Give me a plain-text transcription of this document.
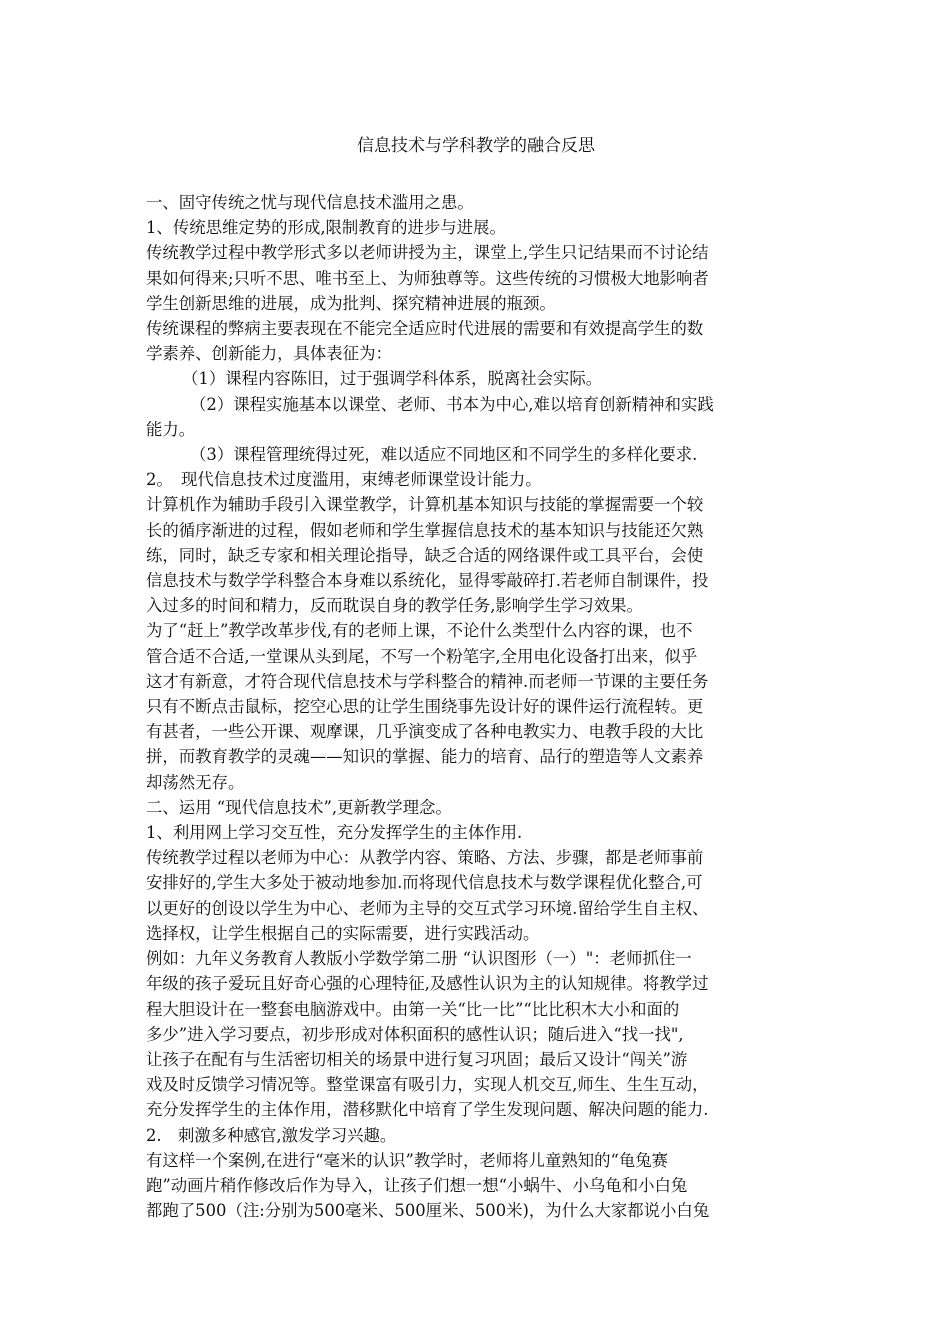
信息技术与学科教学的融合反思

一、固守传统之忧与现代信息技术滥用之患。

1、传统思维定势的形成,限制教育的进步与进展。

传统教学过程中教学形式多以老师讲授为主，课堂上,学生只记结果而不讨论结

果如何得来;只听不思、唯书至上、为师独尊等。这些传统的习惯极大地影响者

学生创新思维的进展，成为批判、探究精神进展的瓶颈。

传统课程的弊病主要表现在不能完全适应时代进展的需要和有效提高学生的数

学素养、创新能力，具体表征为：

（1）课程内容陈旧，过于强调学科体系，脱离社会实际。

（2）课程实施基本以课堂、老师、书本为中心,难以培育创新精神和实践

能力。

（3）课程管理统得过死，难以适应不同地区和不同学生的多样化要求.

2。　现代信息技术过度滥用，束缚老师课堂设计能力。

计算机作为辅助手段引入课堂教学，计算机基本知识与技能的掌握需要一个较

长的循序渐进的过程，假如老师和学生掌握信息技术的基本知识与技能还欠熟

练，同时，缺乏专家和相关理论指导，缺乏合适的网络课件或工具平台，会使

信息技术与数学学科整合本身难以系统化，显得零敲碎打.若老师自制课件，投

入过多的时间和精力，反而耽误自身的教学任务,影响学生学习效果。

为了“赶上”教学改革步伐,有的老师上课，不论什么类型什么内容的课，也不

管合适不合适,一堂课从头到尾，不写一个粉笔字,全用电化设备打出来，似乎

这才有新意，才符合现代信息技术与学科整合的精神.而老师一节课的主要任务

只有不断点击鼠标，挖空心思的让学生围绕事先设计好的课件运行流程转。更

有甚者，一些公开课、观摩课，几乎演变成了各种电教实力、电教手段的大比

拼，而教育教学的灵魂——知识的掌握、能力的培育、品行的塑造等人文素养

却荡然无存。

二、运用 “现代信息技术”,更新教学理念。

1、利用网上学习交互性，充分发挥学生的主体作用.

传统教学过程以老师为中心：从教学内容、策略、方法、步骤，都是老师事前

安排好的,学生大多处于被动地参加.而将现代信息技术与数学课程优化整合,可

以更好的创设以学生为中心、老师为主导的交互式学习环境.留给学生自主权、

选择权，让学生根据自己的实际需要，进行实践活动。

例如：九年义务教育人教版小学数学第二册 “认识图形（一）"：老师抓住一

年级的孩子爱玩且好奇心强的心理特征,及感性认识为主的认知规律。将教学过

程大胆设计在一整套电脑游戏中。由第一关“比一比”“比比积木大小和面的

多少”进入学习要点，初步形成对体积面积的感性认识；随后进入“找一找",

让孩子在配有与生活密切相关的场景中进行复习巩固；最后又设计“闯关”游

戏及时反馈学习情况等。整堂课富有吸引力，实现人机交互,师生、生生互动，

充分发挥学生的主体作用，潜移默化中培育了学生发现问题、解决问题的能力.

2.　刺激多种感官,激发学习兴趣。

有这样一个案例,在进行“毫米的认识”教学时，老师将儿童熟知的“龟兔赛

跑”动画片稍作修改后作为导入，让孩子们想一想“小蜗牛、小乌龟和小白兔

都跑了500（注:分别为500毫米、500厘米、500米)，为什么大家都说小白兔
